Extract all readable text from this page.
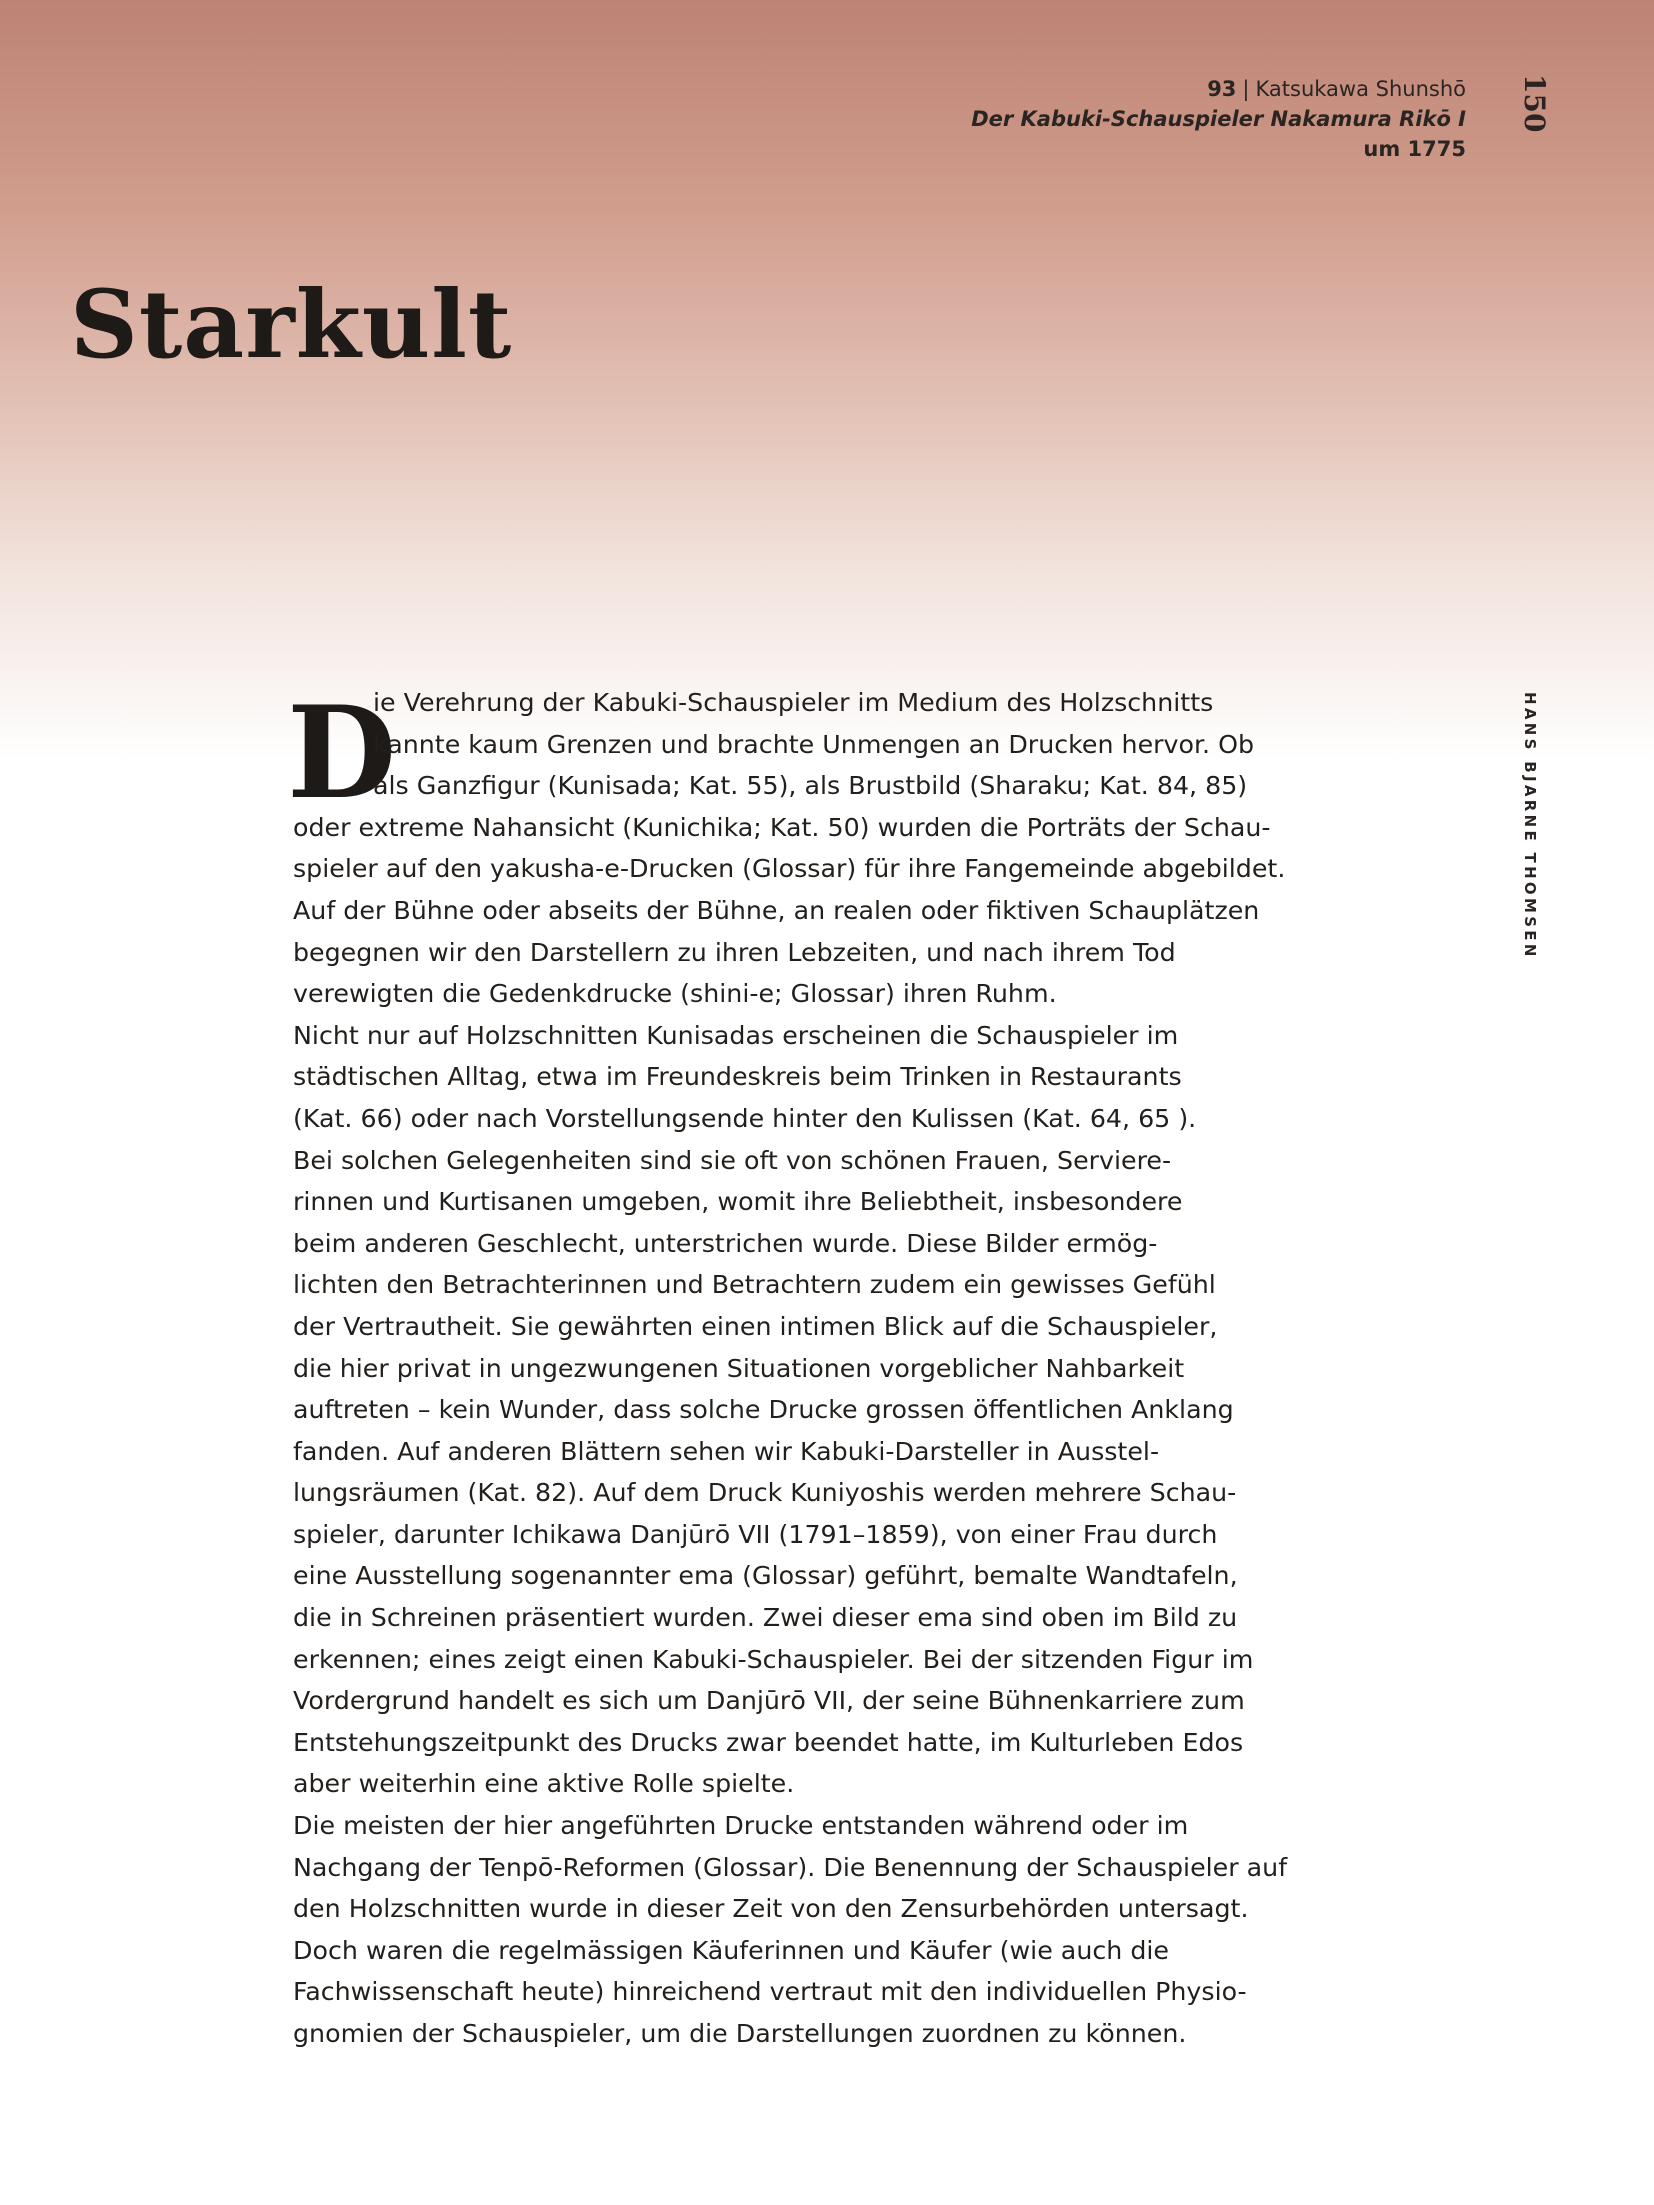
93 | Katsukawa Shunshō
Der Kabuki-Schauspieler Nakamura Rikō I
um 1775
150
HANS BJARNE THOMSEN
Starkult
D
ie Verehrung der Kabuki-Schauspieler im Medium des Holzschnitts
kannte kaum Grenzen und brachte Unmengen an Drucken hervor. Ob
als Ganzfigur (Kunisada; Kat. 55), als Brustbild (Sharaku; Kat. 84, 85)
oder extreme Nahansicht (Kunichika; Kat. 50) wurden die Porträts der Schau-
spieler auf den yakusha-e-Drucken (Glossar) für ihre Fangemeinde abgebildet.
Auf der Bühne oder abseits der Bühne, an realen oder fiktiven Schauplätzen
begegnen wir den Darstellern zu ihren Lebzeiten, und nach ihrem Tod
verewigten die Gedenkdrucke (shini-e; Glossar) ihren Ruhm.
Nicht nur auf Holzschnitten Kunisadas erscheinen die Schauspieler im
städtischen Alltag, etwa im Freundeskreis beim Trinken in Restaurants
(Kat. 66) oder nach Vorstellungsende hinter den Kulissen (Kat. 64, 65 ).
Bei solchen Gelegenheiten sind sie oft von schönen Frauen, Serviere-
rinnen und Kurtisanen umgeben, womit ihre Beliebtheit, insbesondere
beim anderen Geschlecht, unterstrichen wurde. Diese Bilder ermög-
lichten den Betrachterinnen und Betrachtern zudem ein gewisses Gefühl
der Vertrautheit. Sie gewährten einen intimen Blick auf die Schauspieler,
die hier privat in ungezwungenen Situationen vorgeblicher Nahbarkeit
auftreten – kein Wunder, dass solche Drucke grossen öffentlichen Anklang
fanden. Auf anderen Blättern sehen wir Kabuki-Darsteller in Ausstel-
lungsräumen (Kat. 82). Auf dem Druck Kuniyoshis werden mehrere Schau-
spieler, darunter Ichikawa Danjūrō VII (1791–1859), von einer Frau durch
eine Ausstellung sogenannter ema (Glossar) geführt, bemalte Wandtafeln,
die in Schreinen präsentiert wurden. Zwei dieser ema sind oben im Bild zu
erkennen; eines zeigt einen Kabuki-Schauspieler. Bei der sitzenden Figur im
Vordergrund handelt es sich um Danjūrō VII, der seine Bühnenkarriere zum
Entstehungszeitpunkt des Drucks zwar beendet hatte, im Kulturleben Edos
aber weiterhin eine aktive Rolle spielte.
Die meisten der hier angeführten Drucke entstanden während oder im
Nachgang der Tenpō-Reformen (Glossar). Die Benennung der Schauspieler auf
den Holzschnitten wurde in dieser Zeit von den Zensurbehörden untersagt.
Doch waren die regelmässigen Käuferinnen und Käufer (wie auch die
Fachwissenschaft heute) hinreichend vertraut mit den individuellen Physio-
gnomien der Schauspieler, um die Darstellungen zuordnen zu können.
